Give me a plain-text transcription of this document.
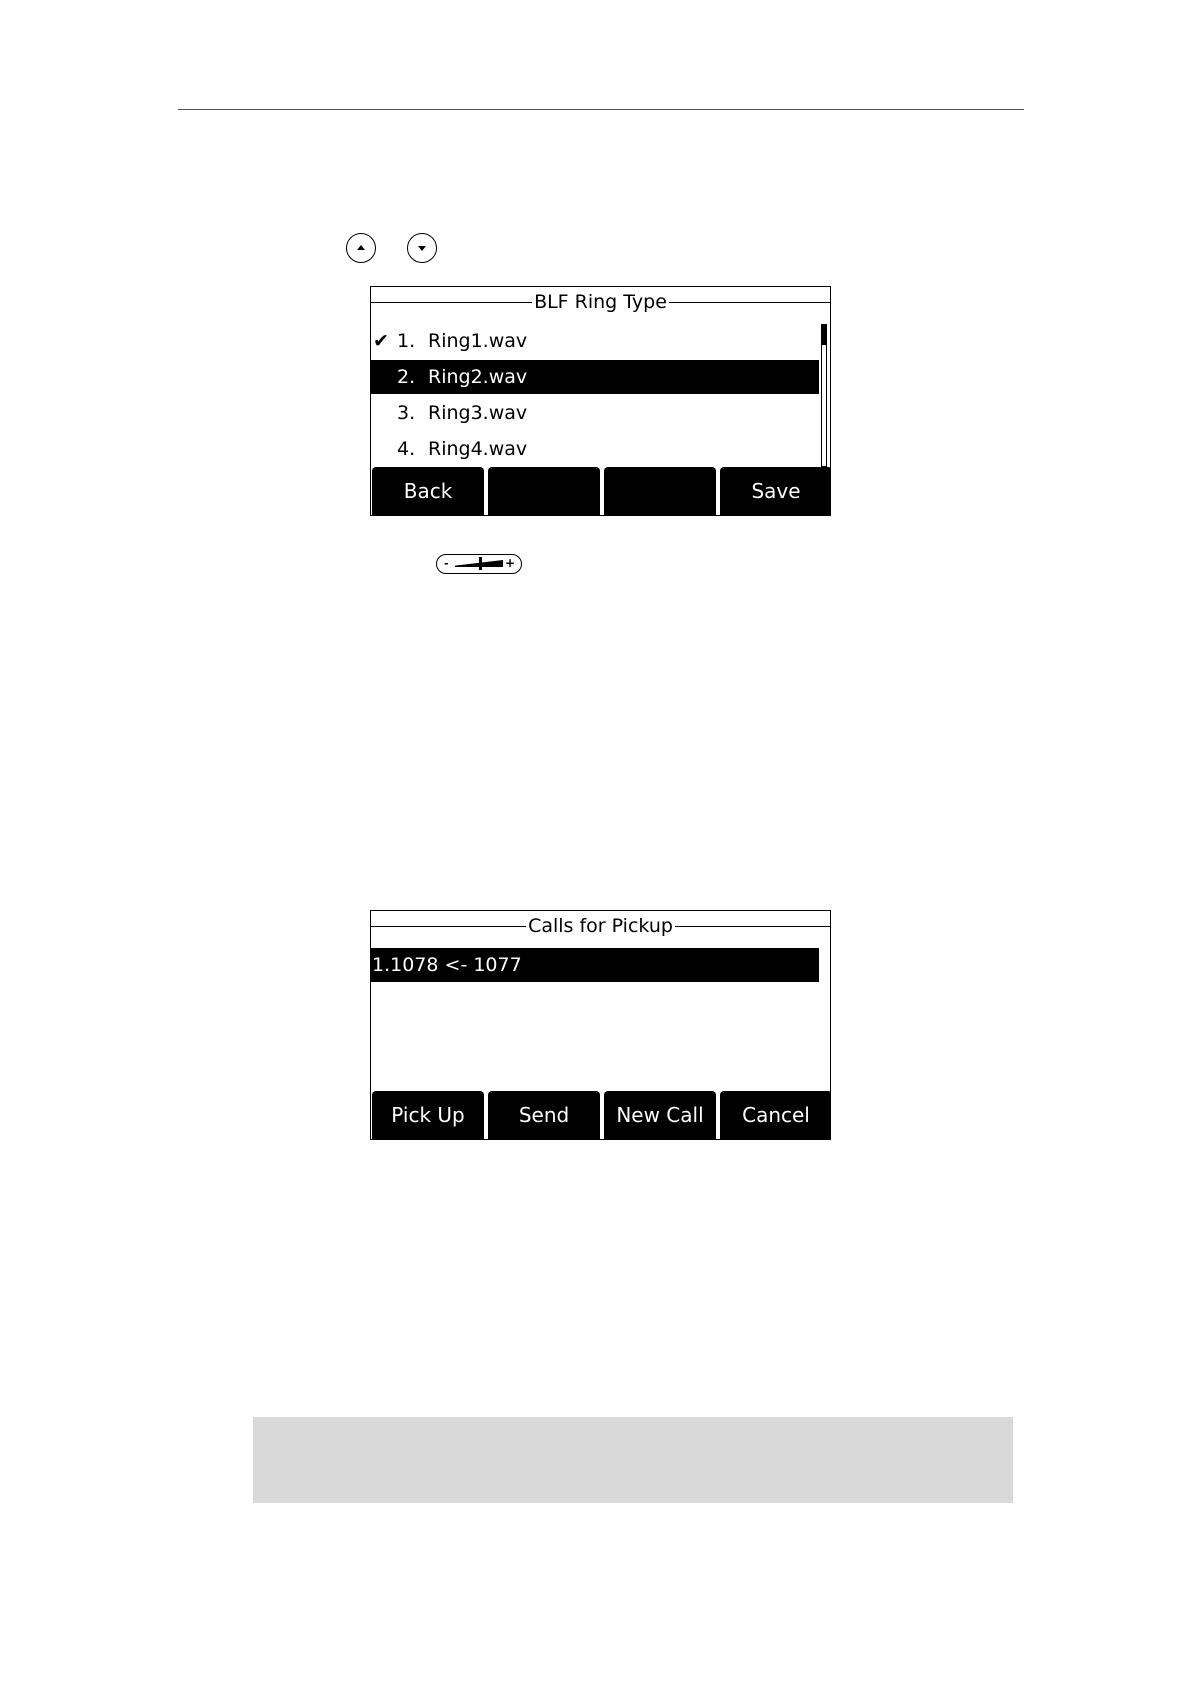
BLF Ring Type
✔ 1. Ring1.wav
2. Ring2.wav
3. Ring3.wav
4. Ring4.wav
Back	Save
-	+
Calls for Pickup
1.1078 <- 1077
Pick Up	Send	New Call	Cancel
